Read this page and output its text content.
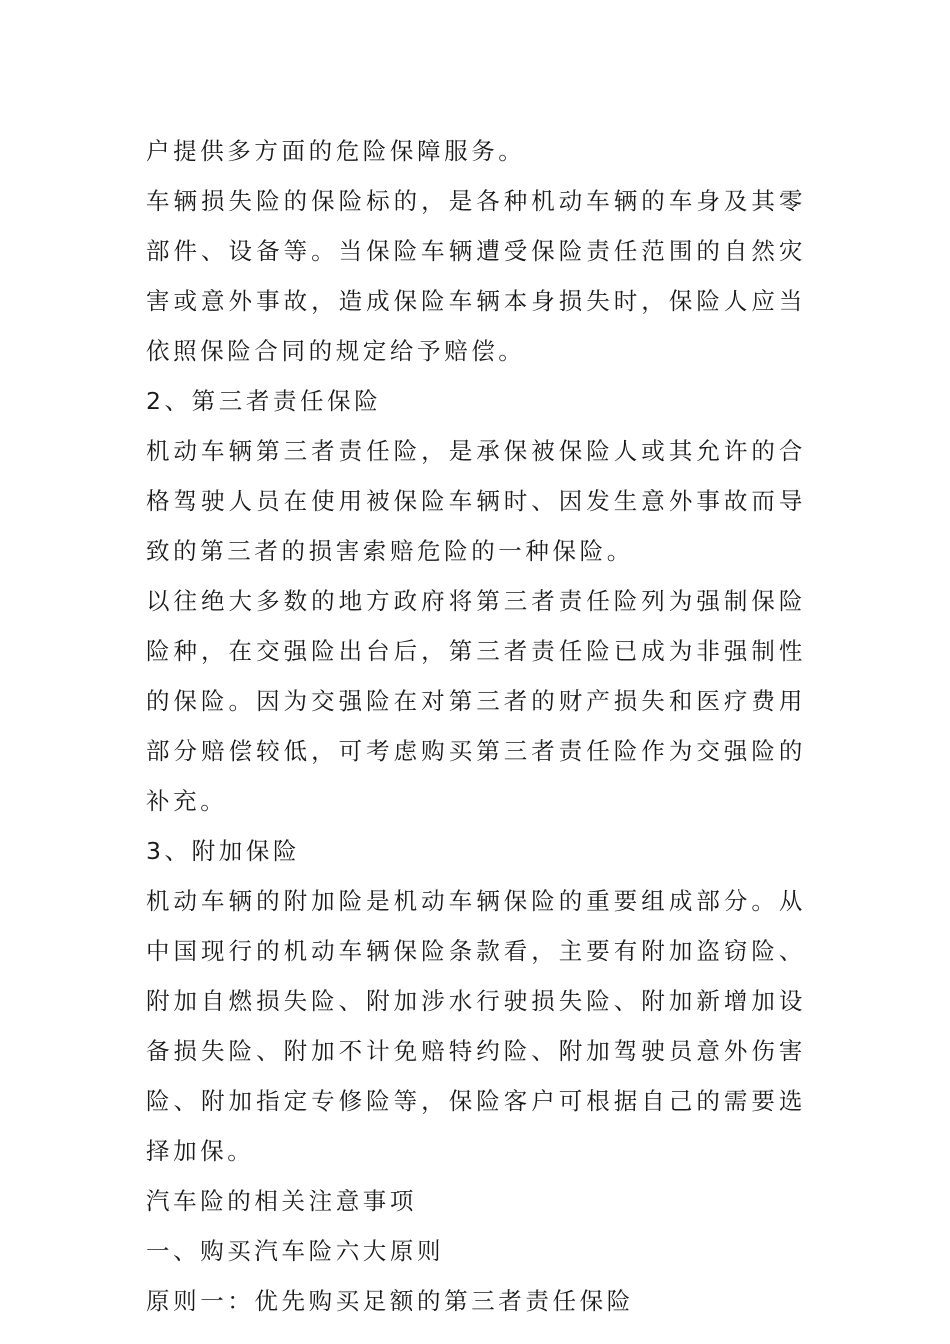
户提供多方面的危险保障服务。

车辆损失险的保险标的，是各种机动车辆的车身及其零部件、设备等。当保险车辆遭受保险责任范围的自然灾害或意外事故，造成保险车辆本身损失时，保险人应当依照保险合同的规定给予赔偿。

2、第三者责任保险

机动车辆第三者责任险，是承保被保险人或其允许的合格驾驶人员在使用被保险车辆时、因发生意外事故而导致的第三者的损害索赔危险的一种保险。

以往绝大多数的地方政府将第三者责任险列为强制保险险种，在交强险出台后，第三者责任险已成为非强制性的保险。因为交强险在对第三者的财产损失和医疗费用部分赔偿较低，可考虑购买第三者责任险作为交强险的补充。

3、附加保险

机动车辆的附加险是机动车辆保险的重要组成部分。从中国现行的机动车辆保险条款看，主要有附加盗窃险、附加自燃损失险、附加涉水行驶损失险、附加新增加设备损失险、附加不计免赔特约险、附加驾驶员意外伤害险、附加指定专修险等，保险客户可根据自己的需要选择加保。

汽车险的相关注意事项

一、购买汽车险六大原则

原则一：优先购买足额的第三者责任保险
